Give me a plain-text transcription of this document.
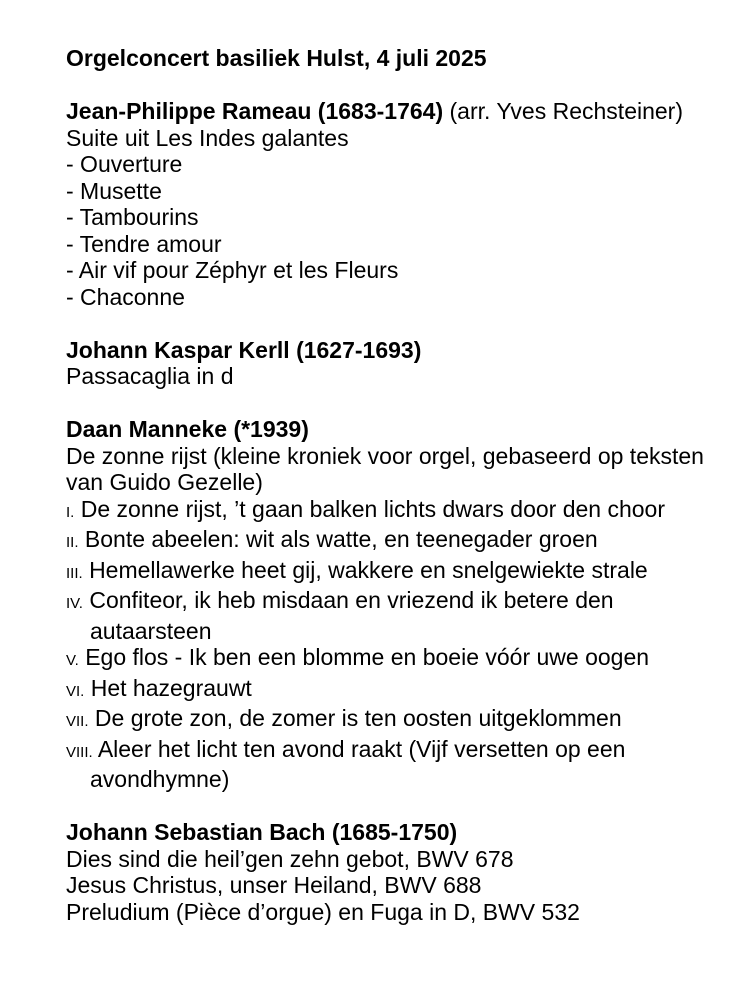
Orgelconcert basiliek Hulst, 4 juli 2025
Jean-Philippe Rameau (1683-1764) (arr. Yves Rechsteiner)
Suite uit Les Indes galantes
- Ouverture
- Musette
- Tambourins
- Tendre amour
- Air vif pour Zéphyr et les Fleurs
- Chaconne
Johann Kaspar Kerll (1627-1693)
Passacaglia in d
Daan Manneke (*1939)
De zonne rijst (kleine kroniek voor orgel, gebaseerd op teksten van Guido Gezelle)
I. De zonne rijst, ’t gaan balken lichts dwars door den choor
II. Bonte abeelen: wit als watte, en teenegader groen
III. Hemellawerke heet gij, wakkere en snelgewiekte strale
IV. Confiteor, ik heb misdaan en vriezend ik betere den autaarsteen
V. Ego flos - Ik ben een blomme en boeie vóór uwe oogen
VI. Het hazegrauwt
VII. De grote zon, de zomer is ten oosten uitgeklommen
VIII. Aleer het licht ten avond raakt (Vijf versetten op een avondhymne)
Johann Sebastian Bach (1685-1750)
Dies sind die heil’gen zehn gebot, BWV 678
Jesus Christus, unser Heiland, BWV 688
Preludium (Pièce d’orgue) en Fuga in D, BWV 532
